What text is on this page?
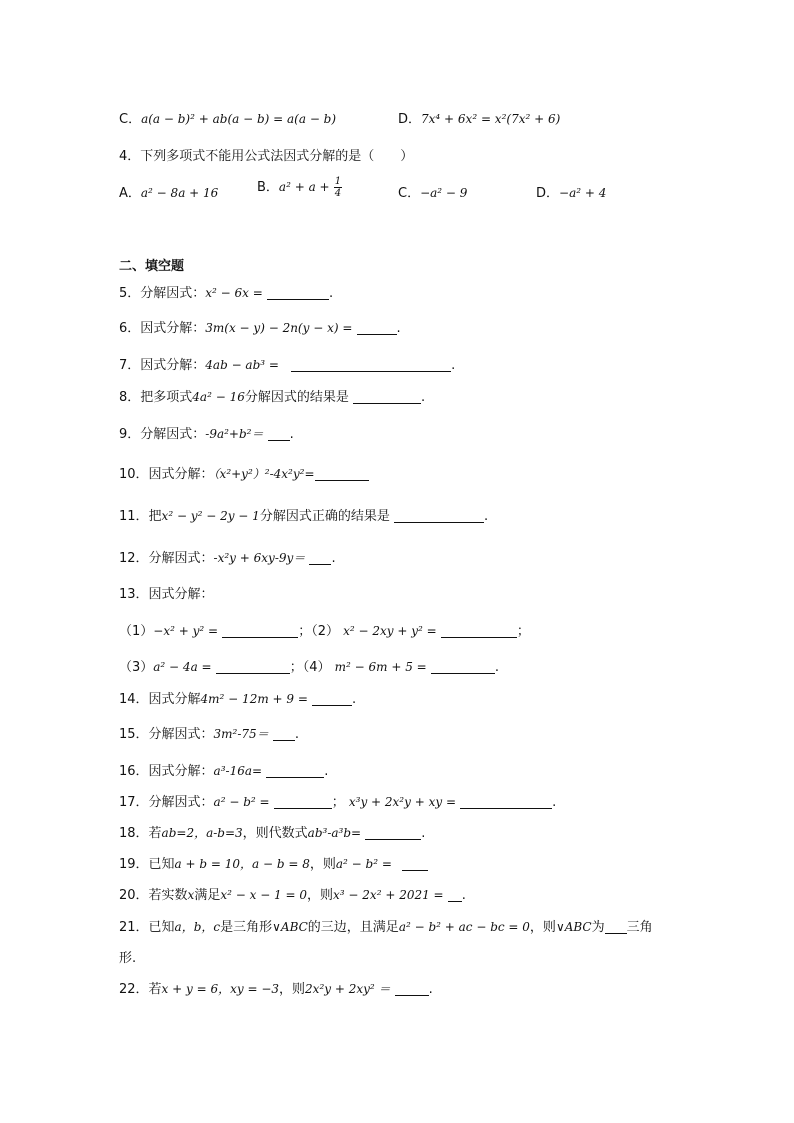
C．a(a − b)² + ab(a − b) = a(a − b)	D．7x⁴ + 6x² = x²(7x² + 6)
4．下列多项式不能用公式法因式分解的是（　　）
A．a² − 8a + 16	B．$a^2 + a + \frac{1}{4}$	C．−a² − 9	D．−a² + 4
二、填空题
5．分解因式：x² − 6x =	.
6．因式分解：3m(x − y) − 2n(y − x) =	.
7．因式分解：4ab − ab³ =	.
8．把多项式4a² − 16分解因式的结果是	.
9．分解因式：-9a²+b²＝ .
10．因式分解：（x²+y²）²-4x²y²=
11．把x² − y² − 2y − 1分解因式正确的结果是	.
12．分解因式：-x²y + 6xy-9y＝ .
13．因式分解：
（1）−x² + y² =	；（2） x² − 2xy + y² =	；
（3）a² − 4a =	；（4） m² − 6m + 5 =	.
14．因式分解4m² − 12m + 9 =	.
15．分解因式：3m²-75＝ .
16．因式分解：a³-16a=	.
17．分解因式：a² − b² =	； x³y + 2x²y + xy =	.
18．若ab=2，a-b=3，则代数式ab³-a³b=	.
19．已知a + b = 10，a − b = 8，则a² − b² =
20．若实数x满足x² − x − 1 = 0，则x³ − 2x² + 2021 = .
21．已知a，b，c是三角形∨ABC的三边，且满足a² − b² + ac − bc = 0，则∨ABC为 三角
形.
22．若x + y = 6，xy = −3，则2x²y + 2xy² ＝	.
